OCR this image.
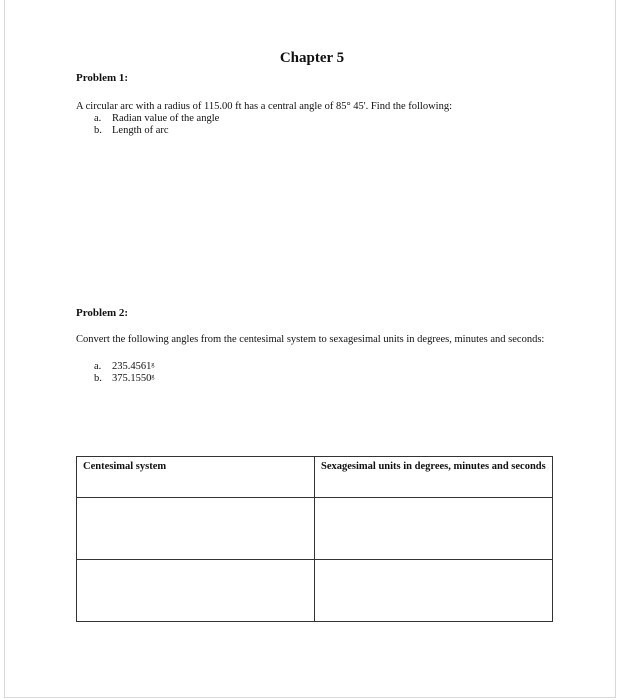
Chapter 5
Problem 1:
A circular arc with a radius of 115.00 ft has a central angle of 85° 45'. Find the following:
a.	Radian value of the angle
b. Length of arc
Problem 2:
Convert the following angles from the centesimal system to sexagesimal units in degrees, minutes and seconds:
a.	235.4561ᵍ
b. 375.1550ᵍ
Centesimal system	Sexagesimal units in degrees, minutes and seconds
